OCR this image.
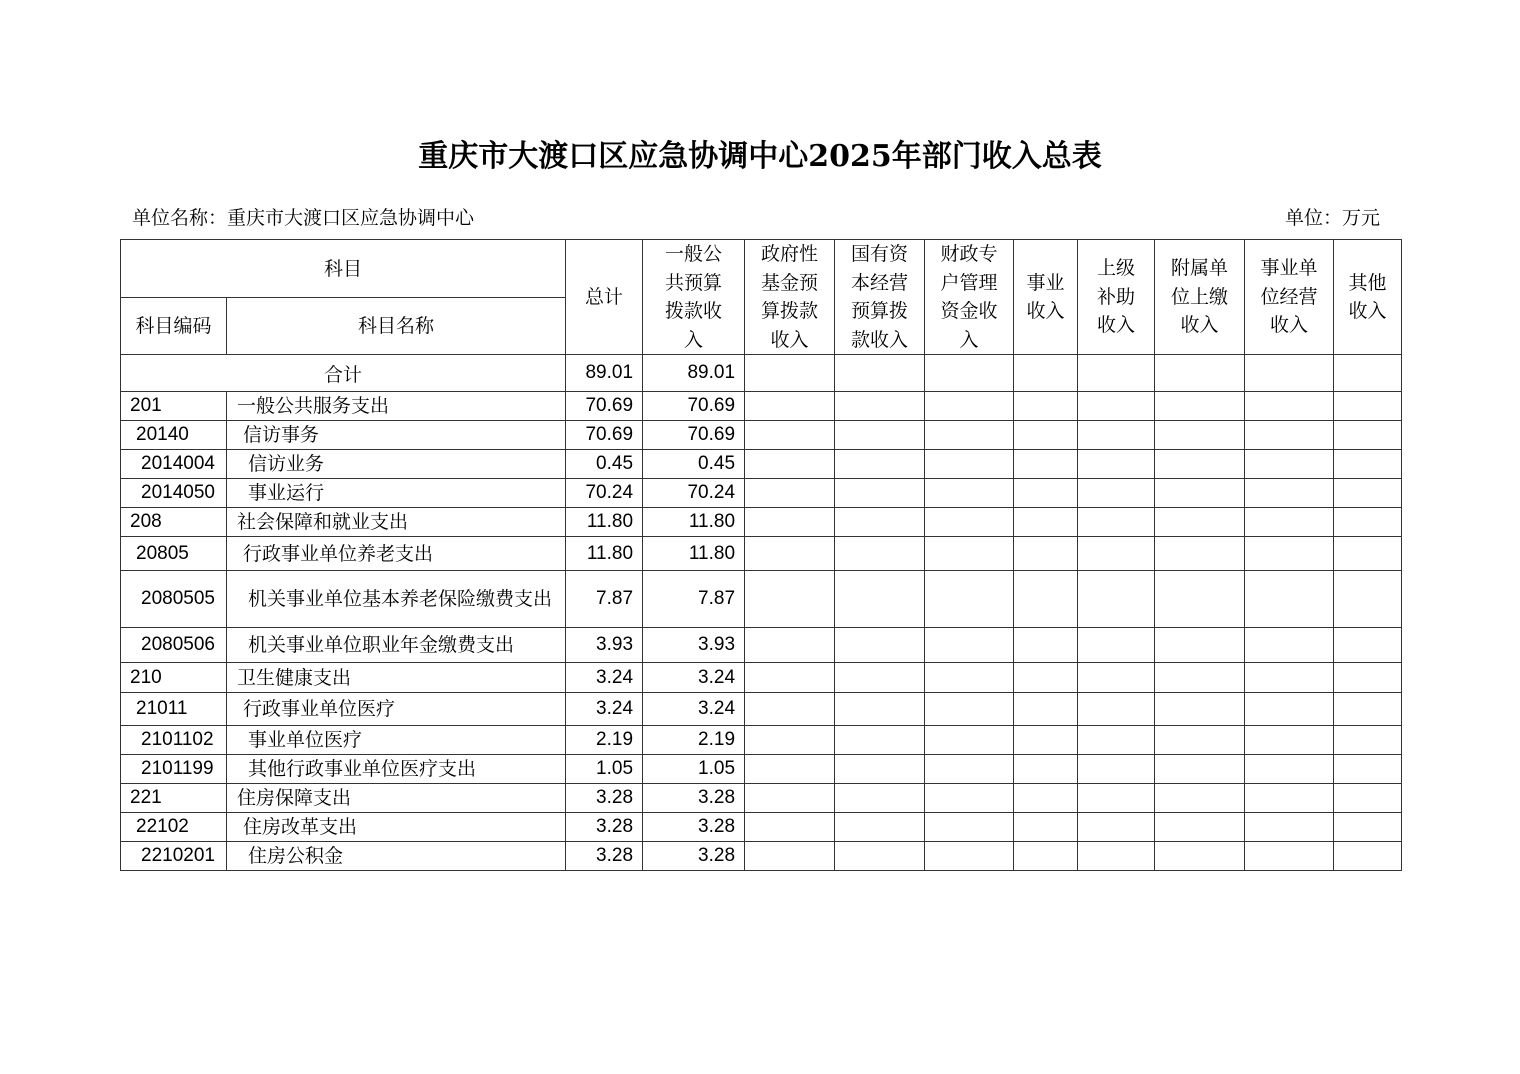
重庆市大渡口区应急协调中心2025年部门收入总表
单位名称：重庆市大渡口区应急协调中心	单位：万元
科目		总计	一般公共预算拨款收入	政府性基金预算拨款收入	国有资本经营预算拨款收入	财政专户管理资金收入	事业收入	上级补助收入	附属单位上缴收入	事业单位经营收入	其他收入

科目编码	科目名称										
合计		89.01	89.01								
201	一般公共服务支出	70.69	70.69								
20140	信访事务	70.69	70.69								
2014004	信访业务	0.45	0.45								
2014050	事业运行	70.24	70.24								
208	社会保障和就业支出	11.80	11.80								
20805	行政事业单位养老支出	11.80	11.80								
2080505	机关事业单位基本养老保险缴费支出	7.87	7.87								
2080506	机关事业单位职业年金缴费支出	3.93	3.93								
210	卫生健康支出	3.24	3.24								
21011	行政事业单位医疗	3.24	3.24								
2101102	事业单位医疗	2.19	2.19								
2101199	其他行政事业单位医疗支出	1.05	1.05								
221	住房保障支出	3.28	3.28								
22102	住房改革支出	3.28	3.28								
2210201	住房公积金	3.28	3.28								
